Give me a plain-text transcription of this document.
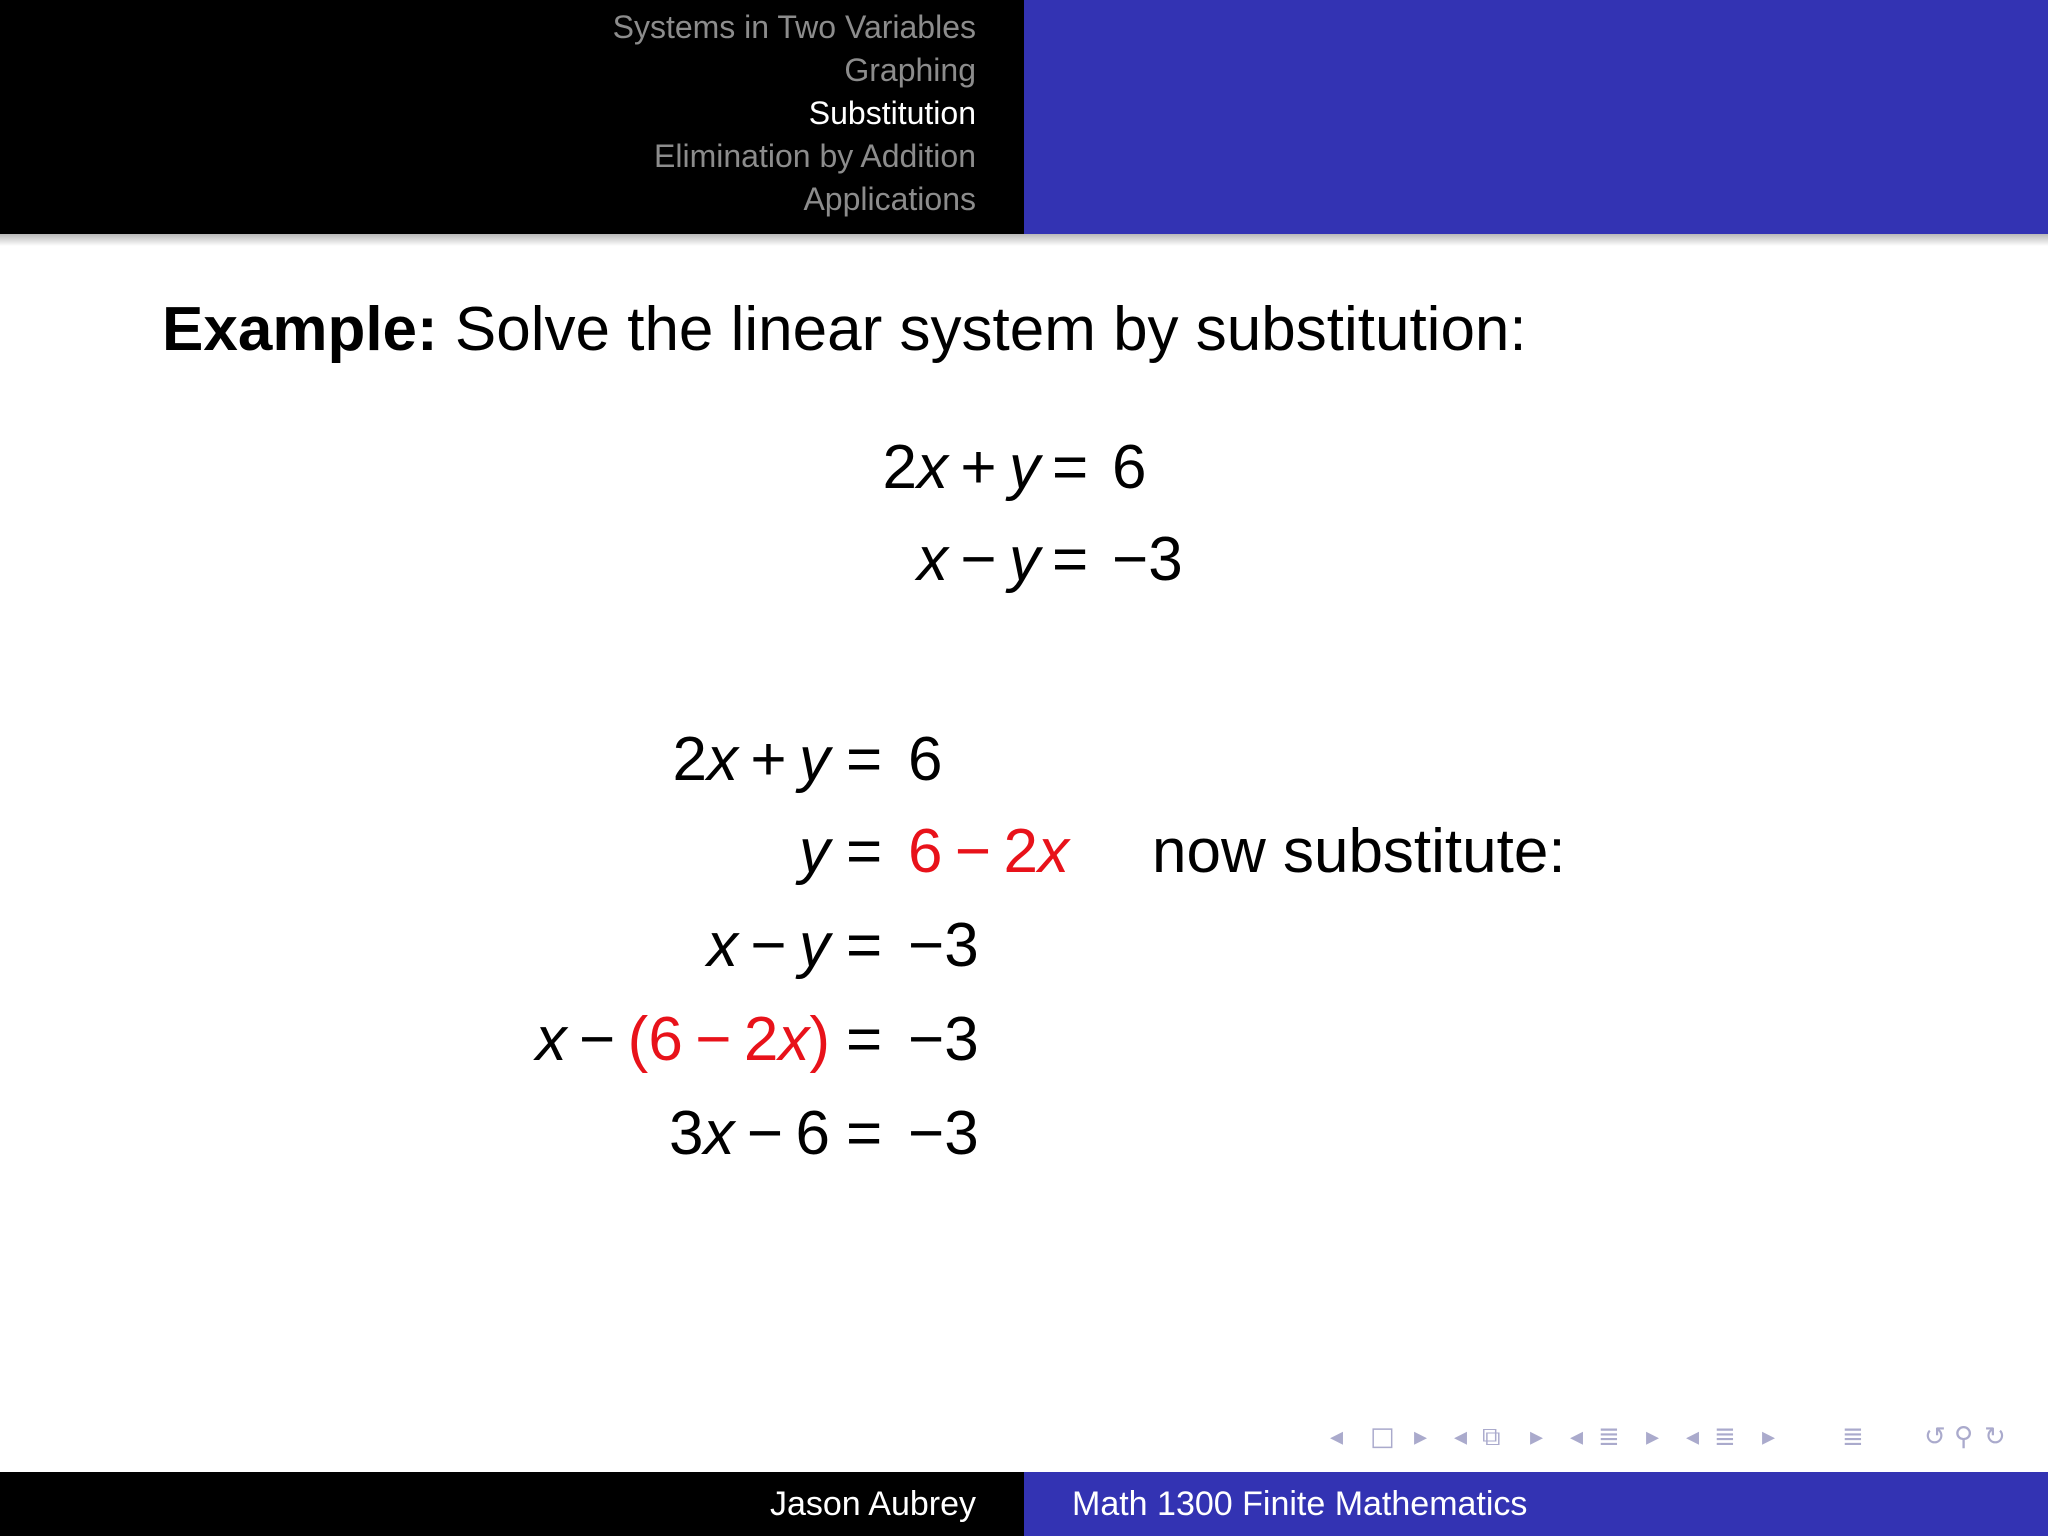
Systems in Two Variables
Graphing
Substitution
Elimination by Addition
Applications
Example: Solve the linear system by substitution:
2x  +  y = 6
x  −  y = −3
2x  +  y = 6
y = 6  −  2x now substitute:
x  −  y = −3
x  −  (6  −  2x) = −3
3x  −  6 = −3
◂ □ ▸ ◂ ⧉ ▸ ◂ ≣ ▸ ◂ ≣ ▸	≣ ↺ ⚲ ↻
Jason Aubrey	Math 1300 Finite Mathematics
